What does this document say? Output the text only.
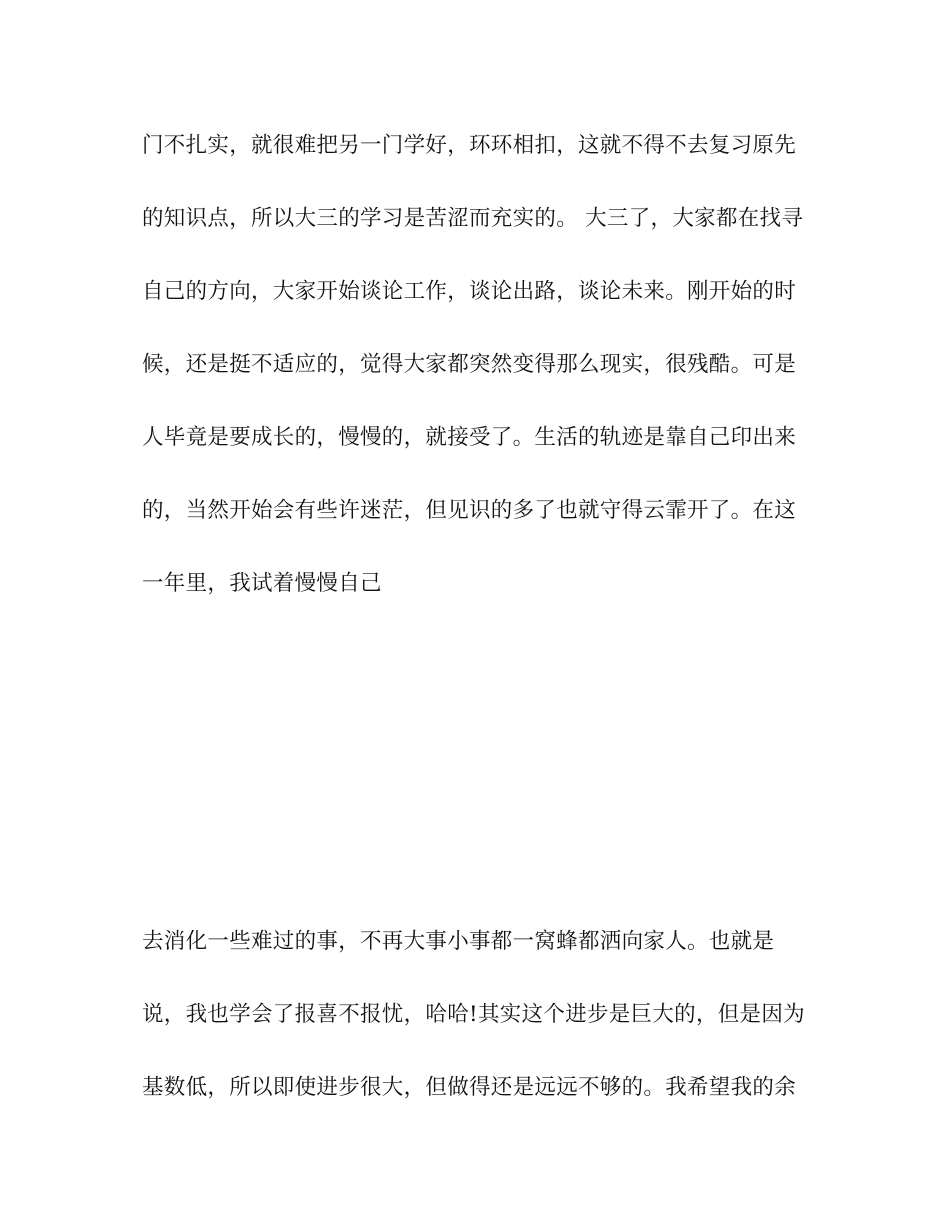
门不扎实，就很难把另一门学好，环环相扣，这就不得不去复习原先
的知识点，所以大三的学习是苦涩而充实的。 大三了，大家都在找寻
自己的方向，大家开始谈论工作，谈论出路，谈论未来。刚开始的时
候，还是挺不适应的，觉得大家都突然变得那么现实，很残酷。可是
人毕竟是要成长的，慢慢的，就接受了。生活的轨迹是靠自己印出来
的，当然开始会有些许迷茫，但见识的多了也就守得云霏开了。在这
一年里，我试着慢慢自己
去消化一些难过的事，不再大事小事都一窝蜂都洒向家人。也就是
说，我也学会了报喜不报忧，哈哈!其实这个进步是巨大的，但是因为
基数低，所以即使进步很大，但做得还是远远不够的。我希望我的余
